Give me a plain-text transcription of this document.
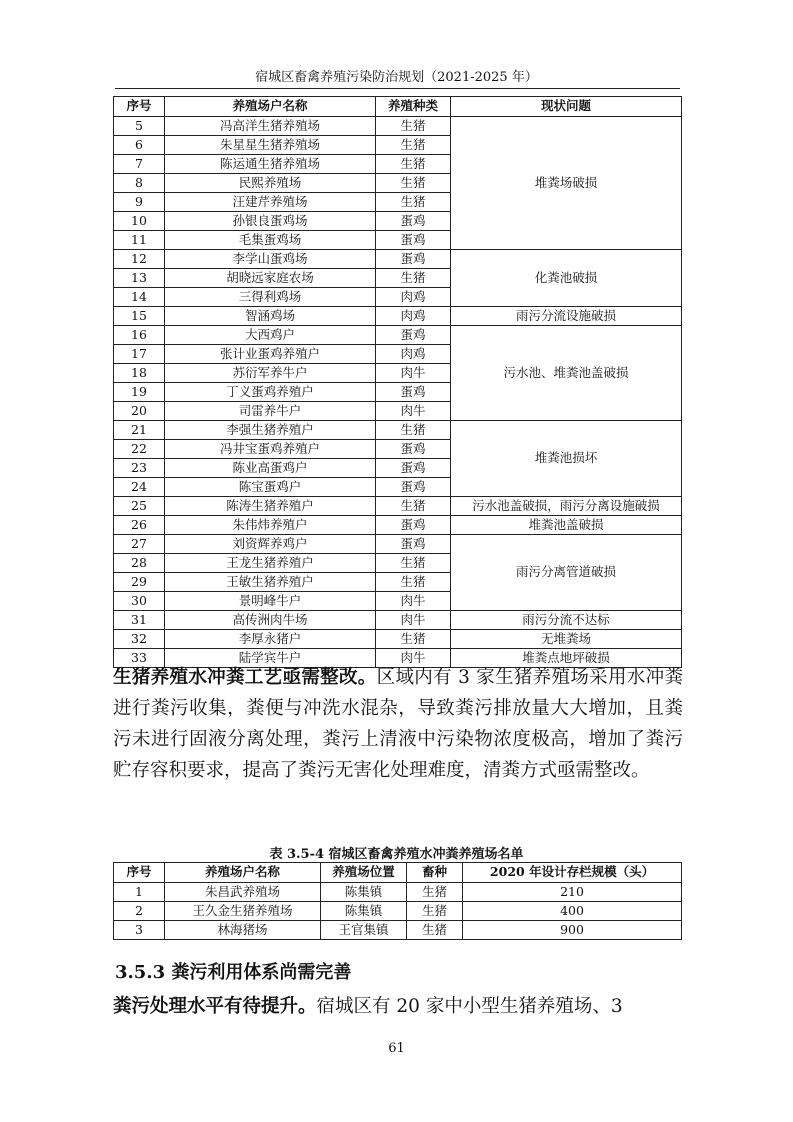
宿城区畜禽养殖污染防治规划（2021-2025 年）
序号	养殖场户名称	养殖种类	现状问题
5	冯高洋生猪养殖场	生猪	堆粪场破损
6	朱星星生猪养殖场	生猪	
7	陈运通生猪养殖场	生猪	
8	民熙养殖场	生猪	
9	汪建芹养殖场	生猪	
10	孙银良蛋鸡场	蛋鸡	
11	毛集蛋鸡场	蛋鸡	
12	李学山蛋鸡场	蛋鸡	化粪池破损
13	胡晓远家庭农场	生猪	
14	三得利鸡场	肉鸡	
15	智涵鸡场	肉鸡	雨污分流设施破损
16	大西鸡户	蛋鸡	污水池、堆粪池盖破损
17	张计业蛋鸡养殖户	肉鸡	
18	苏衍军养牛户	肉牛	
19	丁义蛋鸡养殖户	蛋鸡	
20	司雷养牛户	肉牛	
21	李强生猪养殖户	生猪	堆粪池损坏
22	冯井宝蛋鸡养殖户	蛋鸡	
23	陈业高蛋鸡户	蛋鸡	
24	陈宝蛋鸡户	蛋鸡	
25	陈涛生猪养殖户	生猪	污水池盖破损，雨污分离设施破损
26	朱伟炜养殖户	蛋鸡	堆粪池盖破损
27	刘资辉养鸡户	蛋鸡	雨污分离管道破损
28	王龙生猪养殖户	生猪	
29	王敏生猪养殖户	生猪	
30	景明峰牛户	肉牛	
31	高传洲肉牛场	肉牛	雨污分流不达标
32	李厚永猪户	生猪	无堆粪场
33	陆学宾牛户	肉牛	堆粪点地坪破损
生猪养殖水冲粪工艺亟需整改。区域内有 3 家生猪养殖场采用水冲粪进行粪污收集，粪便与冲洗水混杂，导致粪污排放量大大增加，且粪污未进行固液分离处理，粪污上清液中污染物浓度极高，增加了粪污贮存容积要求，提高了粪污无害化处理难度，清粪方式亟需整改。
表 3.5-4 宿城区畜禽养殖水冲粪养殖场名单
序号	养殖场户名称	养殖场位置	畜种	2020 年设计存栏规模（头）
1	朱昌武养殖场	陈集镇	生猪	210
2	王久金生猪养殖场	陈集镇	生猪	400
3	林海猪场	王官集镇	生猪	900
3.5.3 粪污利用体系尚需完善
粪污处理水平有待提升。宿城区有 20 家中小型生猪养殖场、3
61
